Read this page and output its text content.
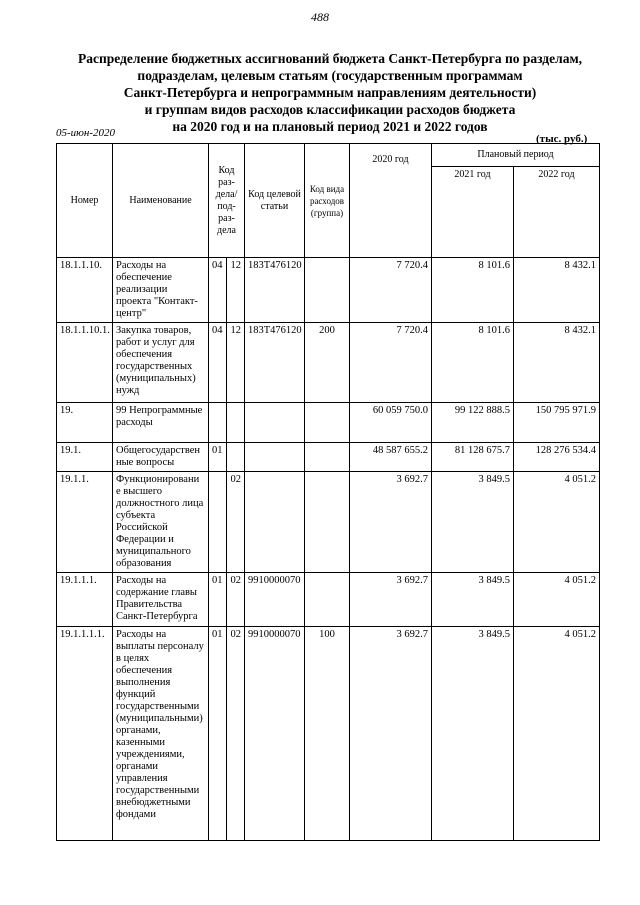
488
Распределение бюджетных ассигнований бюджета Санкт-Петербурга по разделам,
подразделам, целевым статьям (государственным программам
Санкт-Петербурга и непрограммным направлениям деятельности)
и группам видов расходов классификации расходов бюджета
на 2020 год и на плановый период 2021 и 2022 годов
05-июн-2020	(тыс. руб.)
Номер	Наименование	Код раз-дела/ под-раз-дела		Код целевой статьи	Код вида расходов (группа)	2020 год	Плановый период	
							2021 год	2022 год
18.1.1.10.	Расходы на обеспечение реализации проекта "Контакт-центр"	04	12	183Т476120		7 720.4	8 101.6	8 432.1
18.1.1.10.1.	Закупка товаров, работ и услуг для обеспечения государственных (муниципальных) нужд	04	12	183Т476120	200	7 720.4	8 101.6	8 432.1
19.	99 Непрограммные расходы					60 059 750.0	99 122 888.5	150 795 971.9
19.1.	Общегосударствен ные вопросы	01				48 587 655.2	81 128 675.7	128 276 534.4
19.1.1.	Функционировани е высшего должностного лица субъекта Российской Федерации и муниципального образования		02			3 692.7	3 849.5	4 051.2
19.1.1.1.	Расходы на содержание главы Правительства Санкт-Петербурга	01	02	9910000070		3 692.7	3 849.5	4 051.2
19.1.1.1.1.	Расходы на выплаты персоналу в целях обеспечения выполнения функций государственными (муниципальными) органами, казенными учреждениями, органами управления государственными внебюджетными фондами	01	02	9910000070	100	3 692.7	3 849.5	4 051.2
